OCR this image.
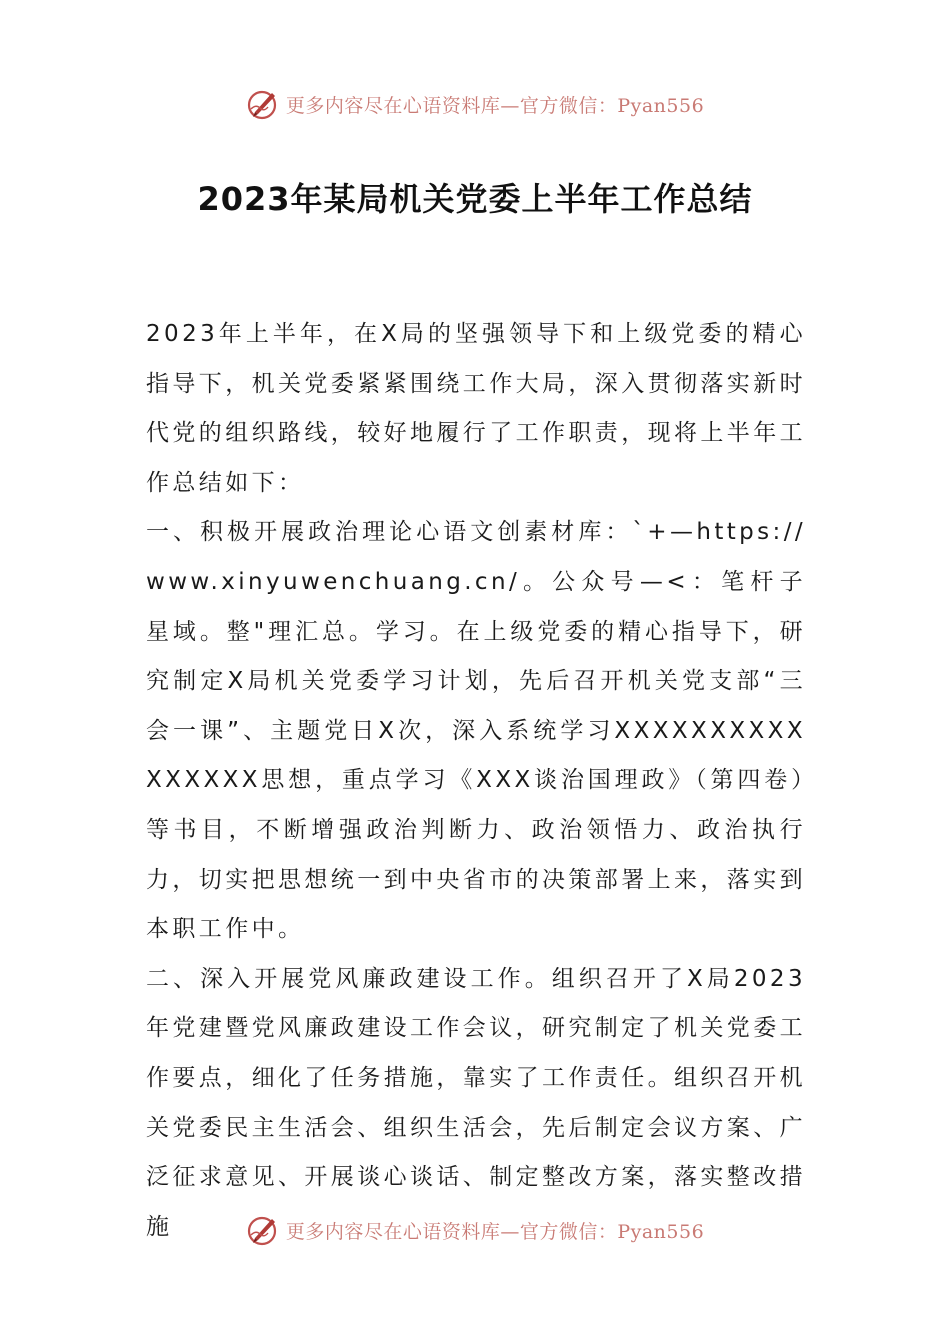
更多内容尽在心语资料库—官方微信：Pyan556
2023年某局机关党委上半年工作总结

2023年上半年，在X局的坚强领导下和上级党委的精心指导下，机关党委紧紧围绕工作大局，深入贯彻落实新时代党的组织路线，较好地履行了工作职责，现将上半年工作总结如下：

一、积极开展政治理论心语文创素材库：`+—https://

www.xinyuwenchuang.cn/。公众号—<：笔杆子星域。整"理汇总。学习。在上级党委的精心指导下，研究制定X局机关党委学习计划，先后召开机关党支部“三会一课”、主题党日X次，深入系统学习XXXXXXXXXXXXXXXX思想，重点学习《XXX谈治国理政》（第四卷）等书目，不断增强政治判断力、政治领悟力、政治执行力，切实把思想统一到中央省市的决策部署上来，落实到本职工作中。

二、深入开展党风廉政建设工作。组织召开了X局2023年党建暨党风廉政建设工作会议，研究制定了机关党委工作要点，细化了任务措施，靠实了工作责任。组织召开机关党委民主生活会、组织生活会，先后制定会议方案、广泛征求意见、开展谈心谈话、制定整改方案，落实整改措施	更多内容尽在心语资料库—官方微信：Pyan556
